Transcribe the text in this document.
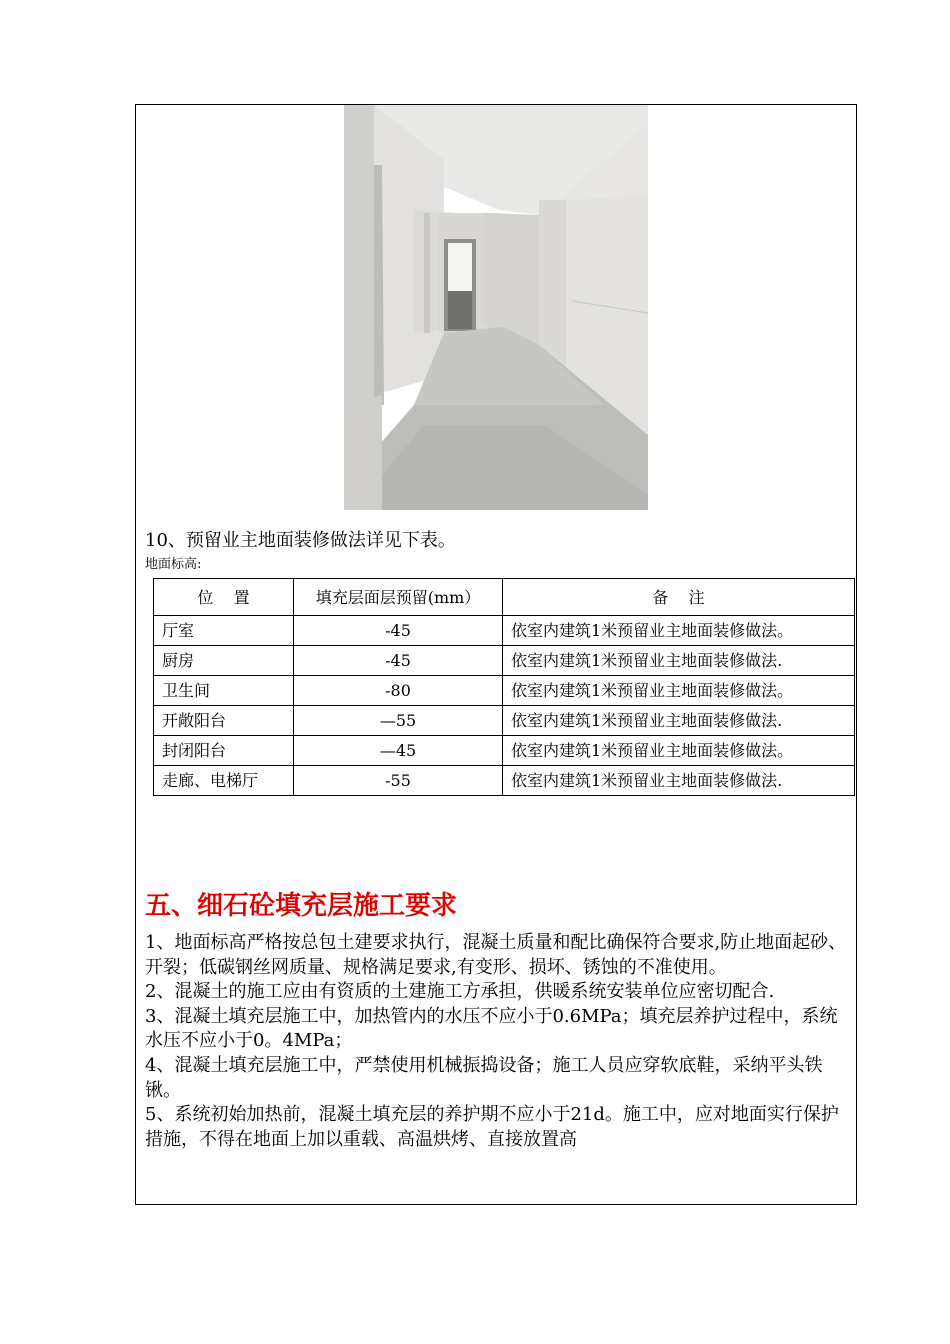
10、预留业主地面装修做法详见下表。
地面标高:
位    置	填充层面层预留(mm）	备    注
厅室	-45	依室内建筑1米预留业主地面装修做法。
厨房	-45	依室内建筑1米预留业主地面装修做法.
卫生间	-80	依室内建筑1米预留业主地面装修做法。
开敞阳台	—55	依室内建筑1米预留业主地面装修做法.
封闭阳台	—45	依室内建筑1米预留业主地面装修做法。
走廊、电梯厅	-55	依室内建筑1米预留业主地面装修做法.
五、细石砼填充层施工要求

1、地面标高严格按总包土建要求执行，混凝土质量和配比确保符合要求,防止地面起砂、开裂；低碳钢丝网质量、规格满足要求,有变形、损坏、锈蚀的不准使用。

2、混凝土的施工应由有资质的土建施工方承担，供暖系统安装单位应密切配合.

3、混凝土填充层施工中，加热管内的水压不应小于0.6MPa；填充层养护过程中，系统水压不应小于0。4MPa；

4、混凝土填充层施工中，严禁使用机械振捣设备；施工人员应穿软底鞋，采纳平头铁锹。

5、系统初始加热前，混凝土填充层的养护期不应小于21d。施工中，应对地面实行保护措施，不得在地面上加以重载、高温烘烤、直接放置高
